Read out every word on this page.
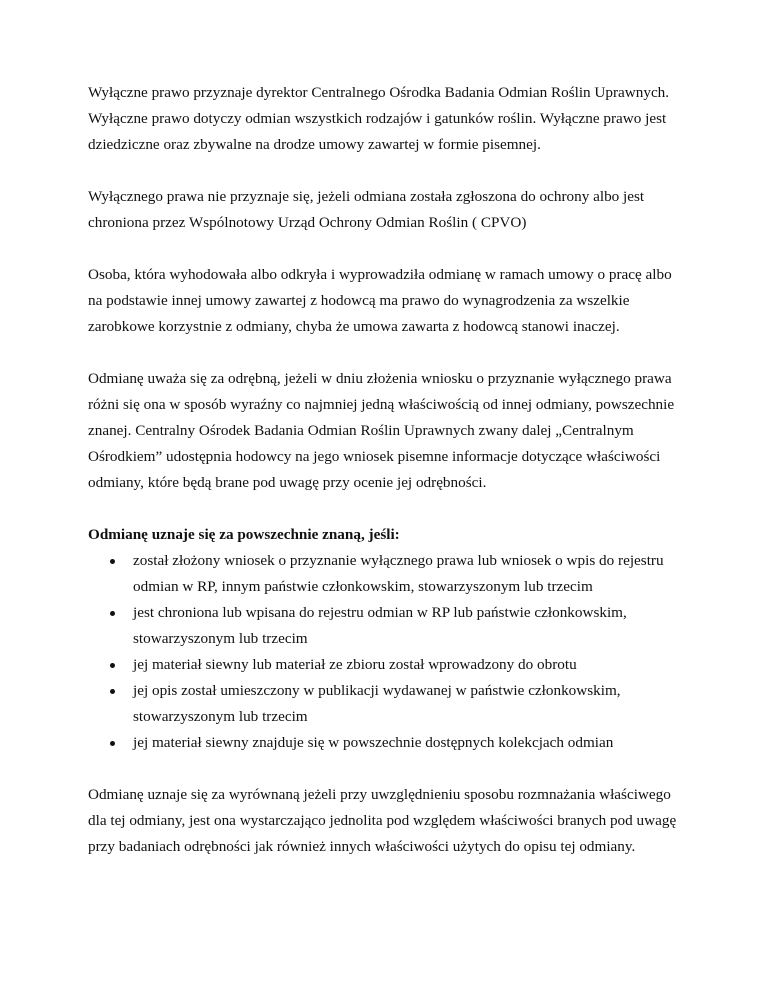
Wyłączne prawo przyznaje dyrektor Centralnego Ośrodka Badania Odmian Roślin Uprawnych.
Wyłączne prawo dotyczy odmian wszystkich rodzajów i gatunków roślin. Wyłączne prawo jest
dziedziczne oraz zbywalne na drodze umowy zawartej w formie pisemnej.
Wyłącznego prawa nie przyznaje się, jeżeli odmiana została zgłoszona do ochrony albo jest
chroniona przez Wspólnotowy Urząd Ochrony Odmian Roślin ( CPVO)
Osoba, która wyhodowała albo odkryła i wyprowadziła odmianę w ramach umowy o pracę albo
na podstawie innej umowy zawartej z hodowcą ma prawo do wynagrodzenia za wszelkie
zarobkowe korzystnie z odmiany, chyba że umowa zawarta z hodowcą stanowi inaczej.
Odmianę uważa się za odrębną, jeżeli w dniu złożenia wniosku o przyznanie wyłącznego prawa
różni się ona w sposób wyraźny co najmniej jedną właściwością od innej odmiany, powszechnie
znanej. Centralny Ośrodek Badania Odmian Roślin Uprawnych zwany dalej „Centralnym
Ośrodkiem” udostępnia hodowcy na jego wniosek pisemne informacje dotyczące właściwości
odmiany, które będą brane pod uwagę przy ocenie jej odrębności.
Odmianę uznaje się za powszechnie znaną, jeśli:
został złożony wniosek o przyznanie wyłącznego prawa lub wniosek o wpis do rejestru
odmian w RP, innym państwie członkowskim, stowarzyszonym lub trzecim
jest chroniona lub wpisana do rejestru odmian w RP lub państwie członkowskim,
stowarzyszonym lub trzecim
jej materiał siewny lub materiał ze zbioru został wprowadzony do obrotu
jej opis został umieszczony w publikacji wydawanej w państwie członkowskim,
stowarzyszonym lub trzecim
jej materiał siewny znajduje się w powszechnie dostępnych kolekcjach odmian
Odmianę uznaje się za wyrównaną jeżeli przy uwzględnieniu sposobu rozmnażania właściwego
dla tej odmiany, jest ona wystarczająco jednolita pod względem właściwości branych pod uwagę
przy badaniach odrębności jak również innych właściwości użytych do opisu tej odmiany.
